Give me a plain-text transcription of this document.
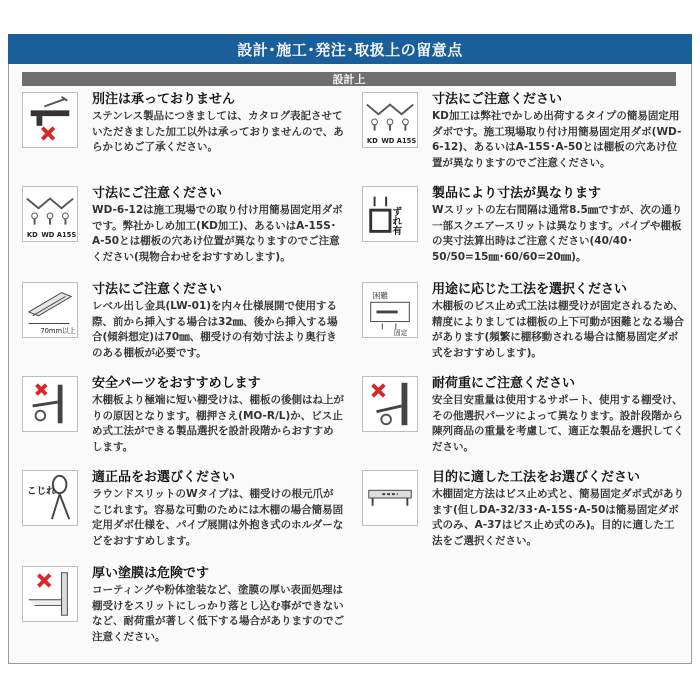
設計･施工･発注･取扱上の留意点
設計上
別注は承っておりません
ステンレス製品につきましては、カタログ表記させていただきました加工以外は承っておりませんので、あらかじめご了承ください。
KD WD A15S
寸法にご注意ください
WD-6-12は施工現場での取り付け用簡易固定用ダボです。弊社かしめ加工(KD加工)、あるいはA-15S･A-50とは棚板の穴あけ位置が異なりますのでご注意ください(現物合わせをおすすめします)。
70mm以上
寸法にご注意ください
レベル出し金具(LW-01)を内々仕様展開で使用する際、前から挿入する場合は32㎜、後から挿入する場合(傾斜想定)は70㎜、棚受けの有効寸法より奥行きのある棚板が必要です。
安全パーツをおすすめします
木棚板より極端に短い棚受けは、棚板の後側はね上がりの原因となります。棚押さえ(MO-R/L)か、ビス止め式工法ができる製品選択を設計段階からおすすめします。
こじれ
適正品をお選びください
ラウンドスリットのWタイプは、棚受けの根元爪がこじれます。容易な可動のためには木棚の場合簡易固定用ダボ仕様を、パイプ展開は外抱き式のホルダーなどをおすすめします。
厚い塗膜は危険です
コーティングや粉体塗装など、塗膜の厚い表面処理は棚受けをスリットにしっかり落とし込む事ができないなど、耐荷重が著しく低下する場合がありますのでご注意ください。
KD WD A15S
寸法にご注意ください
KD加工は弊社でかしめ出荷するタイプの簡易固定用ダボです。施工現場取り付け用簡易固定用ダボ(WD-6-12)、あるいはA-15S･A-50とは棚板の穴あけ位置が異なりますのでご注意ください。
ずれ有
製品により寸法が異なります
Wスリットの左右間隔は通常8.5㎜ですが、次の通り一部スクエアースリットは異なります。パイプや棚板の実寸法算出時はご注意ください(40/40･50/50=15㎜･60/60=20㎜)。
困難
固定
用途に応じた工法を選択ください
木棚板のビス止め式工法は棚受けが固定されるため、精度によりましては棚板の上下可動が困難となる場合があります(頻繁に棚移動される場合は簡易固定ダボ式をおすすめします)。
耐荷重にご注意ください
安全目安重量は使用するサポート、使用する棚受け、その他選択パーツによって異なります。設計段階から陳列商品の重量を考慮して、適正な製品を選択してください。
目的に適した工法をお選びください
木棚固定方法はビス止め式と、簡易固定ダボ式があります(但しDA-32/33･A-15S･A-50は簡易固定ダボ式のみ、A-37はビス止め式のみ)。目的に適した工法をご選択ください。
